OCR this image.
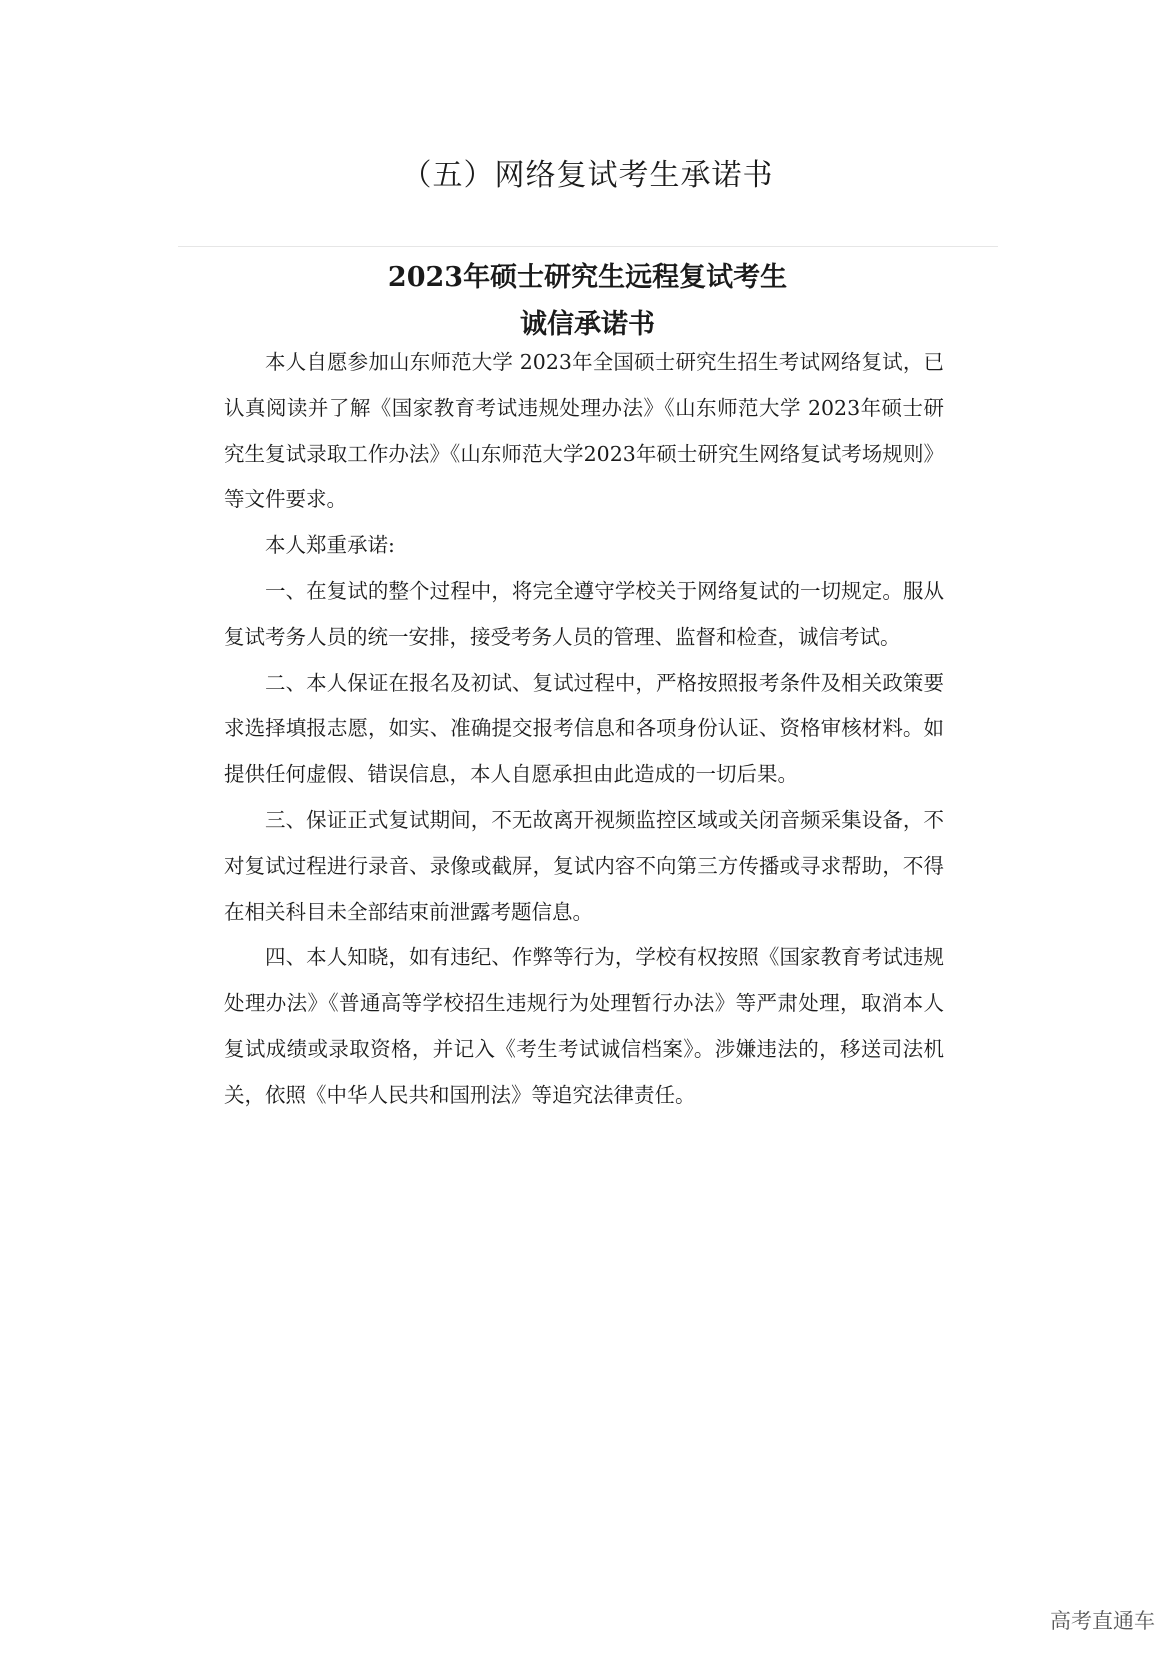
（五）网络复试考生承诺书
2023年硕士研究生远程复试考生
诚信承诺书

本人自愿参加山东师范大学 2023年全国硕士研究生招生考试网络复试，已认真阅读并了解《国家教育考试违规处理办法》《山东师范大学 2023年硕士研究生复试录取工作办法》《山东师范大学2023年硕士研究生网络复试考场规则》等文件要求。

本人郑重承诺:

一、在复试的整个过程中，将完全遵守学校关于网络复试的一切规定。服从复试考务人员的统一安排，接受考务人员的管理、监督和检查，诚信考试。

二、本人保证在报名及初试、复试过程中，严格按照报考条件及相关政策要求选择填报志愿，如实、准确提交报考信息和各项身份认证、资格审核材料。如提供任何虚假、错误信息，本人自愿承担由此造成的一切后果。

三、保证正式复试期间，不无故离开视频监控区域或关闭音频采集设备，不对复试过程进行录音、录像或截屏，复试内容不向第三方传播或寻求帮助，不得在相关科目未全部结束前泄露考题信息。

四、本人知晓，如有违纪、作弊等行为，学校有权按照《国家教育考试违规处理办法》《普通高等学校招生违规行为处理暂行办法》等严肃处理，取消本人复试成绩或录取资格，并记入《考生考试诚信档案》。涉嫌违法的，移送司法机关，依照《中华人民共和国刑法》等追究法律责任。

高考直通车
